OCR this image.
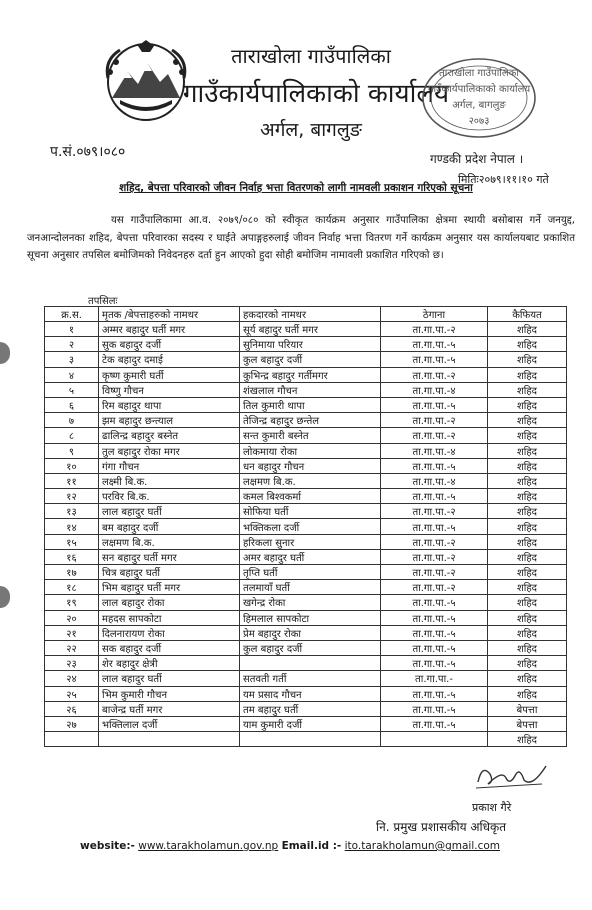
ताराखोला गाउँपालिका
गाउँकार्यपालिकाको कार्यालय
अर्गल, बागलुङ
ताराखोला गाउँपालिका
गाउँकार्यपालिकाको कार्यालय
अर्गल, बागलुङ
२०७३
प.सं.०७९।०८०	गण्डकी प्रदेश नेपाल ।
मितिः२०७९।११।१० गते
शहिद, बेपत्ता परिवारको जीवन निर्वाह भत्ता वितरणको लागी नामवली प्रकाशन गरिएको सूचना
यस गाउँपालिकामा आ.व. २०७९/०८० को स्वीकृत कार्यक्रम अनुसार गाउँपालिका क्षेत्रमा स्थायी बसोबास गर्ने जनयुद्द, जनआन्दोलनका शहिद, बेपत्ता परिवारका सदस्य र घाईते अपाङ्गहरुलाई जीवन निर्वाह भत्ता वितरण गर्ने कार्यक्रम अनुसार यस कार्यालयबाट प्रकाशित सूचना अनुसार तपसिल बमोजिमको निवेदनहरु दर्ता हुन आएको हुदा सोही बमोजिम नामावली प्रकाशित गरिएको छ।
तपसिलः
क्र.स.	मृतक /बेपत्ताहरुको नामथर	हकदारको नामथर	ठेगाना	कैफियत
१	अम्मर बहादुर घर्ती मगर	सूर्य बहादुर घर्ती मगर	ता.गा.पा.-२	शहिद
२	सुक बहादुर दर्जी	सुनिमाया परियार	ता.गा.पा.-५	शहिद
३	टेक बहादुर दमाई	कुल बहादुर दर्जी	ता.गा.पा.-५	शहिद
४	कृष्ण कुमारी घर्ती	कुभिन्द्र बहादुर गर्तीमगर	ता.गा.पा.-२	शहिद
५	विष्णु गौचन	शंखलाल गौचन	ता.गा.पा.-४	शहिद
६	रिम बहादुर थापा	तिल कुमारी थापा	ता.गा.पा.-५	शहिद
७	झम बहादुर छन्त्याल	तेजिन्द्र बहादुर छन्तेल	ता.गा.पा.-२	शहिद
८	ढालिन्द्र बहादुर बस्नेत	सन्त कुमारी बस्नेत	ता.गा.पा.-२	शहिद
९	तुल बहादुर रोका मगर	लोकमाया रोका	ता.गा.पा.-४	शहिद
१०	गंगा गौचन	धन बहादुर गौचन	ता.गा.पा.-५	शहिद
११	लक्ष्मी बि.क.	लक्षमण बि.क.	ता.गा.पा.-४	शहिद
१२	परविर बि.क.	कमल बिश्वकर्मा	ता.गा.पा.-५	शहिद
१३	लाल बहादुर घर्ती	सोफिया घर्ती	ता.गा.पा.-२	शहिद
१४	बम बहादुर दर्जी	भक्तिकला दर्जी	ता.गा.पा.-५	शहिद
१५	लक्षमण बि.क.	हरिकला सुनार	ता.गा.पा.-२	शहिद
१६	सन बहादुर घर्ती मगर	अमर बहादुर घर्ती	ता.गा.पा.-२	शहिद
१७	चित्र बहादुर घर्ती	तृप्ति घर्ती	ता.गा.पा.-२	शहिद
१८	भिम बहादुर घर्ती मगर	तलमायाँ घर्ती	ता.गा.पा.-२	शहिद
१९	लाल बहादुर रोका	खगेन्द्र रोका	ता.गा.पा.-५	शहिद
२०	महदस सापकोटा	हिमलाल सापकोटा	ता.गा.पा.-५	शहिद
२१	दिलनारायण रोका	प्रेम बहादुर रोका	ता.गा.पा.-५	शहिद
२२	सक बहादुर दर्जी	कुल बहादुर दर्जी	ता.गा.पा.-५	शहिद
२३	शेर बहादुर क्षेत्री		ता.गा.पा.-५	शहिद
२४	लाल बहादुर घर्ती	सतवती गर्ती	ता.गा.पा.-	शहिद
२५	भिम कुमारी गौचन	यम प्रसाद गौचन	ता.गा.पा.-५	शहिद
२६	बाजेन्द्र घर्ती मगर	तम बहादुर घर्ती	ता.गा.पा.-५	बेपत्ता
२७	भक्तिलाल दर्जी	याम कुमारी दर्जी	ता.गा.पा.-५	बेपत्ता
				शहिद
प्रकाश गैरे
नि. प्रमुख प्रशासकीय अधिकृत
website:- www.tarakholamun.gov.np Email.id :- ito.tarakholamun@gmail.com
